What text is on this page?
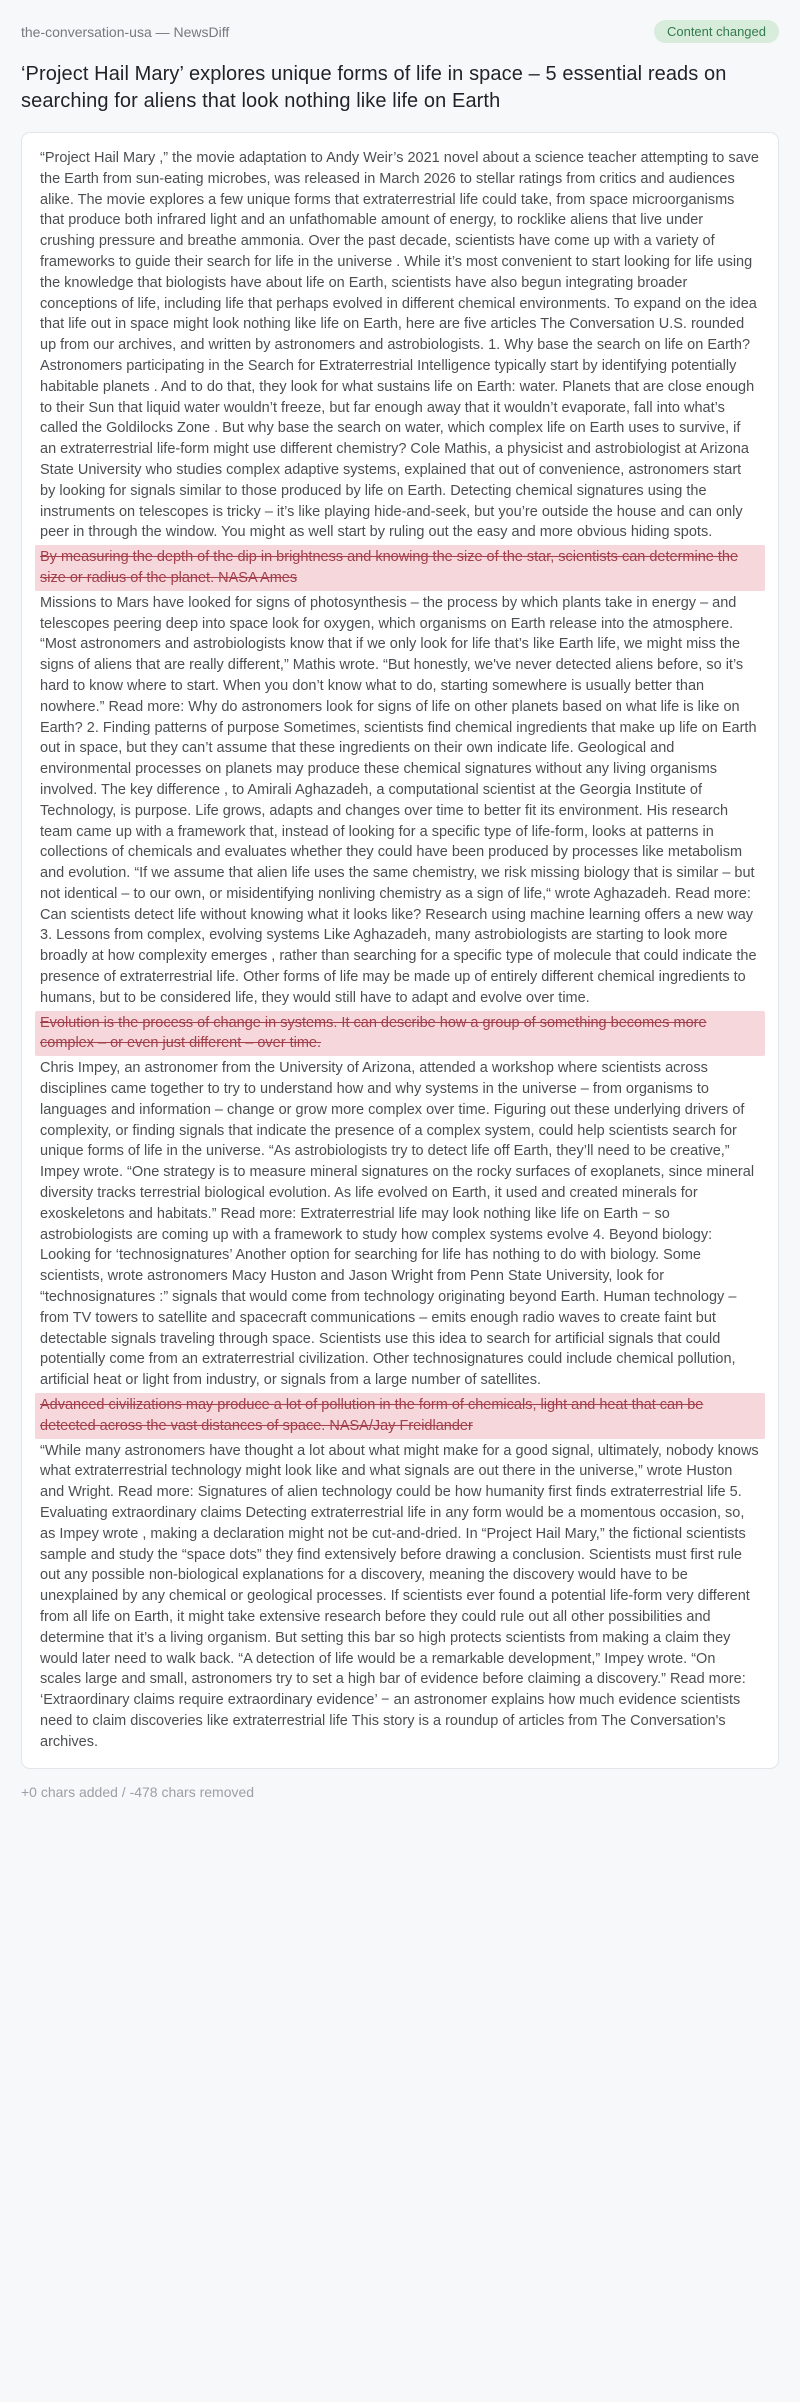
the-conversation-usa — NewsDiff	Content changed
‘Project Hail Mary’ explores unique forms of life in space – 5 essential reads on searching for aliens that look nothing like life on Earth
“Project Hail Mary ,” the movie adaptation to Andy Weir’s 2021 novel about a science teacher attempting to save the Earth from sun-eating microbes, was released in March 2026 to stellar ratings from critics and audiences alike. The movie explores a few unique forms that extraterrestrial life could take, from space microorganisms that produce both infrared light and an unfathomable amount of energy, to rocklike aliens that live under crushing pressure and breathe ammonia. Over the past decade, scientists have come up with a variety of frameworks to guide their search for life in the universe . While it’s most convenient to start looking for life using the knowledge that biologists have about life on Earth, scientists have also begun integrating broader conceptions of life, including life that perhaps evolved in different chemical environments. To expand on the idea that life out in space might look nothing like life on Earth, here are five articles The Conversation U.S. rounded up from our archives, and written by astronomers and astrobiologists. 1. Why base the search on life on Earth? Astronomers participating in the Search for Extraterrestrial Intelligence typically start by identifying potentially habitable planets . And to do that, they look for what sustains life on Earth: water. Planets that are close enough to their Sun that liquid water wouldn’t freeze, but far enough away that it wouldn’t evaporate, fall into what’s called the Goldilocks Zone . But why base the search on water, which complex life on Earth uses to survive, if an extraterrestrial life-form might use different chemistry? Cole Mathis, a physicist and astrobiologist at Arizona State University who studies complex adaptive systems, explained that out of convenience, astronomers start by looking for signals similar to those produced by life on Earth. Detecting chemical signatures using the instruments on telescopes is tricky – it’s like playing hide-and-seek, but you’re outside the house and can only peer in through the window. You might as well start by ruling out the easy and more obvious hiding spots.
By measuring the depth of the dip in brightness and knowing the size of the star, scientists can determine the size or radius of the planet. NASA Ames
Missions to Mars have looked for signs of photosynthesis – the process by which plants take in energy – and telescopes peering deep into space look for oxygen, which organisms on Earth release into the atmosphere. “Most astronomers and astrobiologists know that if we only look for life that’s like Earth life, we might miss the signs of aliens that are really different,” Mathis wrote. “But honestly, we've never detected aliens before, so it’s hard to know where to start. When you don’t know what to do, starting somewhere is usually better than nowhere.” Read more: Why do astronomers look for signs of life on other planets based on what life is like on Earth? 2. Finding patterns of purpose Sometimes, scientists find chemical ingredients that make up life on Earth out in space, but they can’t assume that these ingredients on their own indicate life. Geological and environmental processes on planets may produce these chemical signatures without any living organisms involved. The key difference , to Amirali Aghazadeh, a computational scientist at the Georgia Institute of Technology, is purpose. Life grows, adapts and changes over time to better fit its environment. His research team came up with a framework that, instead of looking for a specific type of life-form, looks at patterns in collections of chemicals and evaluates whether they could have been produced by processes like metabolism and evolution. “If we assume that alien life uses the same chemistry, we risk missing biology that is similar – but not identical – to our own, or misidentifying nonliving chemistry as a sign of life,“ wrote Aghazadeh. Read more: Can scientists detect life without knowing what it looks like? Research using machine learning offers a new way 3. Lessons from complex, evolving systems Like Aghazadeh, many astrobiologists are starting to look more broadly at how complexity emerges , rather than searching for a specific type of molecule that could indicate the presence of extraterrestrial life. Other forms of life may be made up of entirely different chemical ingredients to humans, but to be considered life, they would still have to adapt and evolve over time.
Evolution is the process of change in systems. It can describe how a group of something becomes more complex – or even just different – over time.
Chris Impey, an astronomer from the University of Arizona, attended a workshop where scientists across disciplines came together to try to understand how and why systems in the universe – from organisms to languages and information – change or grow more complex over time. Figuring out these underlying drivers of complexity, or finding signals that indicate the presence of a complex system, could help scientists search for unique forms of life in the universe. “As astrobiologists try to detect life off Earth, they’ll need to be creative,” Impey wrote. “One strategy is to measure mineral signatures on the rocky surfaces of exoplanets, since mineral diversity tracks terrestrial biological evolution. As life evolved on Earth, it used and created minerals for exoskeletons and habitats.” Read more: Extraterrestrial life may look nothing like life on Earth − so astrobiologists are coming up with a framework to study how complex systems evolve 4. Beyond biology: Looking for ‘technosignatures’ Another option for searching for life has nothing to do with biology. Some scientists, wrote astronomers Macy Huston and Jason Wright from Penn State University, look for “technosignatures :” signals that would come from technology originating beyond Earth. Human technology – from TV towers to satellite and spacecraft communications – emits enough radio waves to create faint but detectable signals traveling through space. Scientists use this idea to search for artificial signals that could potentially come from an extraterrestrial civilization. Other technosignatures could include chemical pollution, artificial heat or light from industry, or signals from a large number of satellites.
Advanced civilizations may produce a lot of pollution in the form of chemicals, light and heat that can be detected across the vast distances of space. NASA/Jay Freidlander
“While many astronomers have thought a lot about what might make for a good signal, ultimately, nobody knows what extraterrestrial technology might look like and what signals are out there in the universe,” wrote Huston and Wright. Read more: Signatures of alien technology could be how humanity first finds extraterrestrial life 5. Evaluating extraordinary claims Detecting extraterrestrial life in any form would be a momentous occasion, so, as Impey wrote , making a declaration might not be cut-and-dried. In “Project Hail Mary,” the fictional scientists sample and study the “space dots” they find extensively before drawing a conclusion. Scientists must first rule out any possible non-biological explanations for a discovery, meaning the discovery would have to be unexplained by any chemical or geological processes. If scientists ever found a potential life-form very different from all life on Earth, it might take extensive research before they could rule out all other possibilities and determine that it’s a living organism. But setting this bar so high protects scientists from making a claim they would later need to walk back. “A detection of life would be a remarkable development,” Impey wrote. “On scales large and small, astronomers try to set a high bar of evidence before claiming a discovery.” Read more: ‘Extraordinary claims require extraordinary evidence’ − an astronomer explains how much evidence scientists need to claim discoveries like extraterrestrial life This story is a roundup of articles from The Conversation's archives.
+0 chars added / -478 chars removed
